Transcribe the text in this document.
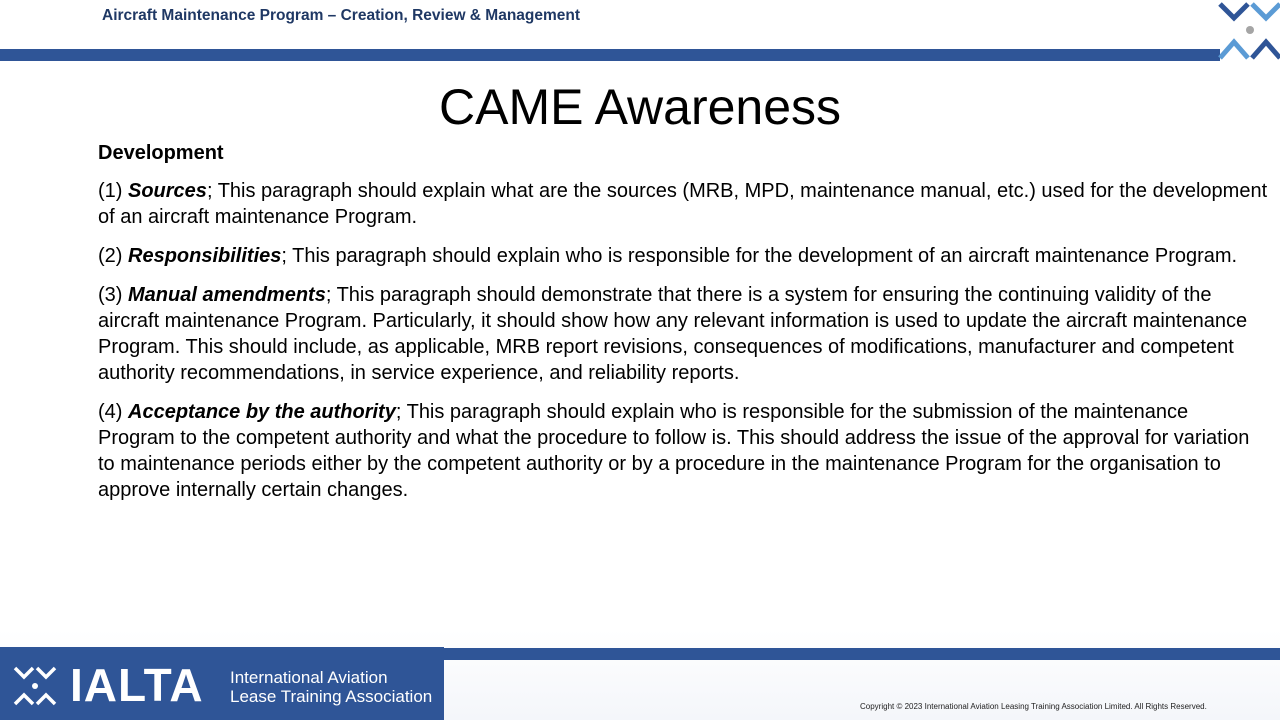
Aircraft Maintenance Program – Creation, Review & Management
CAME Awareness
Development

(1) Sources; This paragraph should explain what are the sources (MRB, MPD, maintenance manual, etc.) used for the development of an aircraft maintenance Program.

(2) Responsibilities; This paragraph should explain who is responsible for the development of an aircraft maintenance Program.

(3) Manual amendments; This paragraph should demonstrate that there is a system for ensuring the continuing validity of the aircraft maintenance Program. Particularly, it should show how any relevant information is used to update the aircraft maintenance Program. This should include, as applicable, MRB report revisions, consequences of modifications, manufacturer and competent authority recommendations, in service experience, and reliability reports.

(4) Acceptance by the authority; This paragraph should explain who is responsible for the submission of the maintenance Program to the competent authority and what the procedure to follow is. This should address the issue of the approval for variation to maintenance periods either by the competent authority or by a procedure in the maintenance Program for the organisation to approve internally certain changes.

IALTA International Aviation
Lease Training Association
Copyright © 2023 International Aviation Leasing Training Association Limited. All Rights Reserved.
